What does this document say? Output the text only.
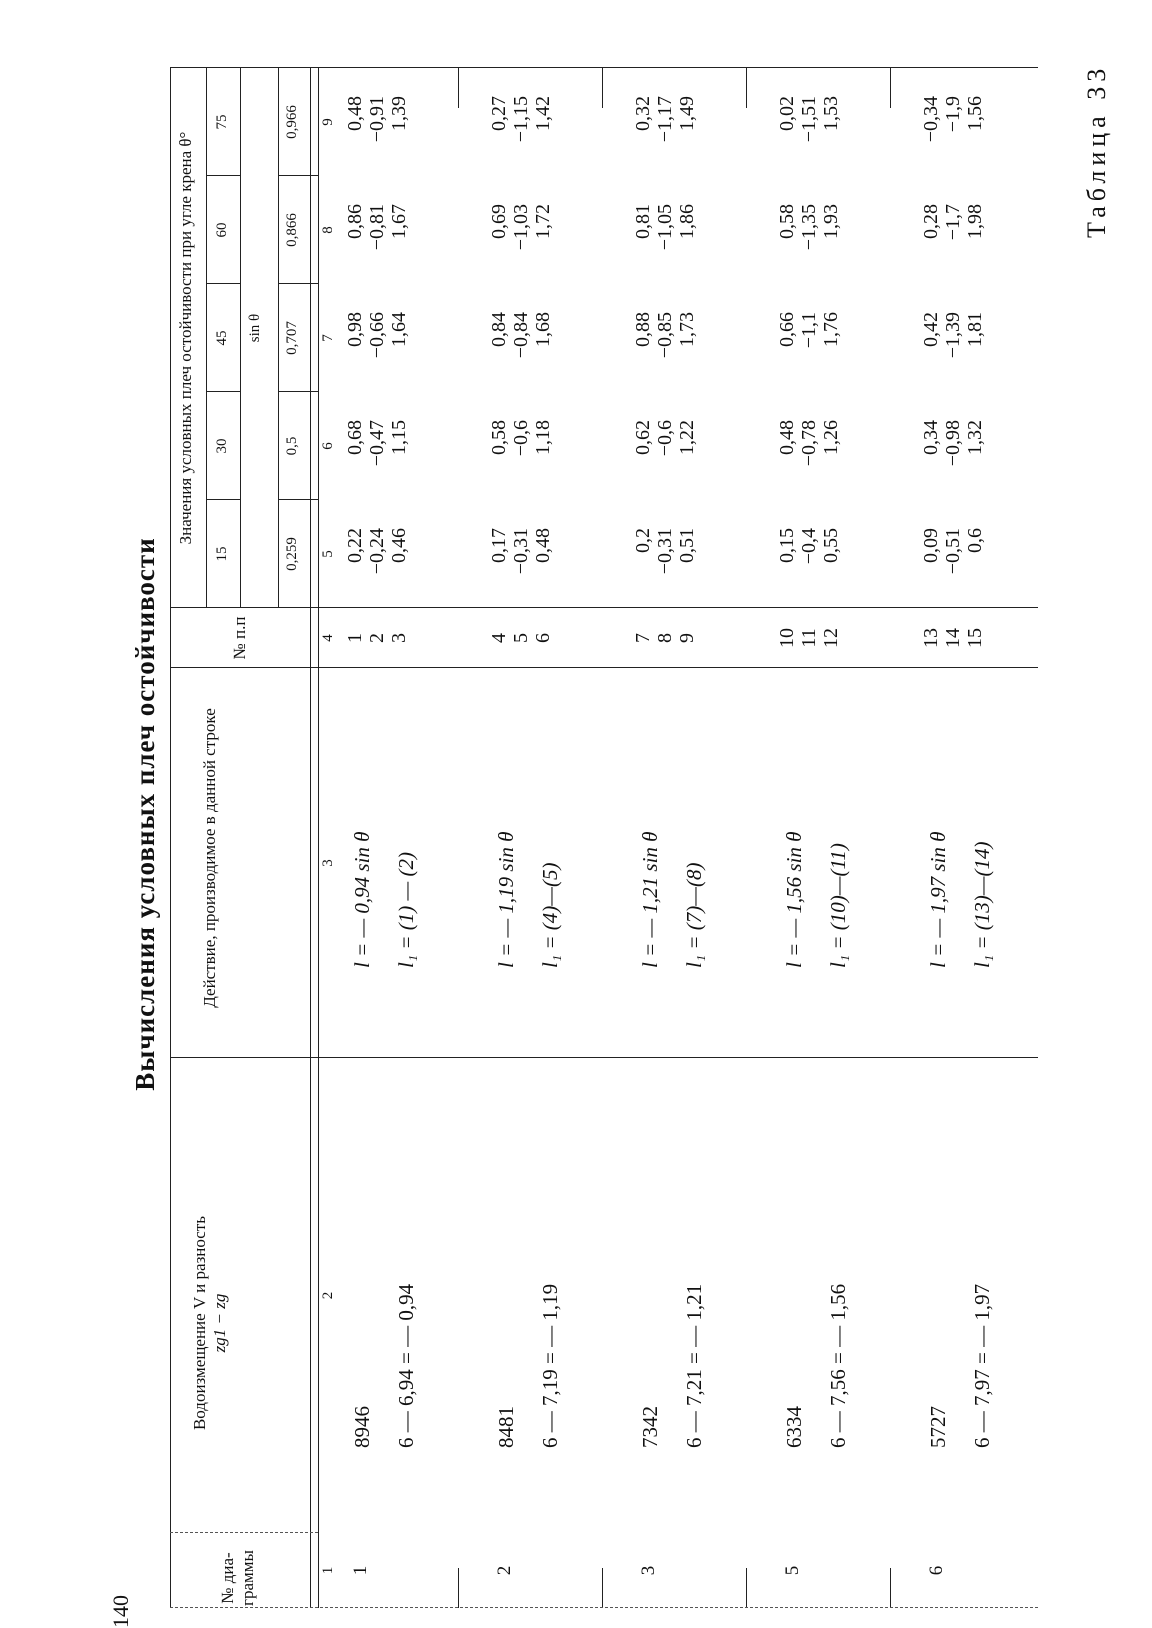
140
Таблица 33
Вычисления условных плеч остойчивости
№ диа-граммы
Водоизмещение V и разность zg1 − zg
Действие, производимое в данной строке
№ п.п
Значения условных плеч остойчивости при угле крена θ°	sin θ
15
30
45
60
75
0,259
0,5
0,707
0,866
0,966
1
2
3
4
5
6
7
8
9
1
8946 6 — 6,94 = — 0,94
l = — 0,94 sin θ l₁ = (1) — (2)
1 2 3
0,22 −0,24 0,46
0,68 −0,47 1,15
0,98 −0,66 1,64
0,86 −0,81 1,67
0,48 −0,91 1,39
2
8481 6 — 7,19 = — 1,19
l = — 1,19 sin θ l₁ = (4)—(5)
4 5 6
0,17 −0,31 0,48
0,58 −0,6 1,18
0,84 −0,84 1,68
0,69 −1,03 1,72
0,27 −1,15 1,42
3
7342 6 — 7,21 = — 1,21
l = — 1,21 sin θ l₁ = (7)—(8)
7 8 9
0,2 −0,31 0,51
0,62 −0,6 1,22
0,88 −0,85 1,73
0,81 −1,05 1,86
0,32 −1,17 1,49
5
6334 6 — 7,56 = — 1,56
l = — 1,56 sin θ l₁ = (10)—(11)
10 11 12
0,15 −0,4 0,55
0,48 −0,78 1,26
0,66 −1,1 1,76
0,58 −1,35 1,93
0,02 −1,51 1,53
6
5727 6 — 7,97 = — 1,97
l = — 1,97 sin θ l₁ = (13)—(14)
13 14 15
0,09 −0,51 0,6
0,34 −0,98 1,32
0,42 −1,39 1,81
0,28 −1,7 1,98
−0,34 −1,9 1,56
